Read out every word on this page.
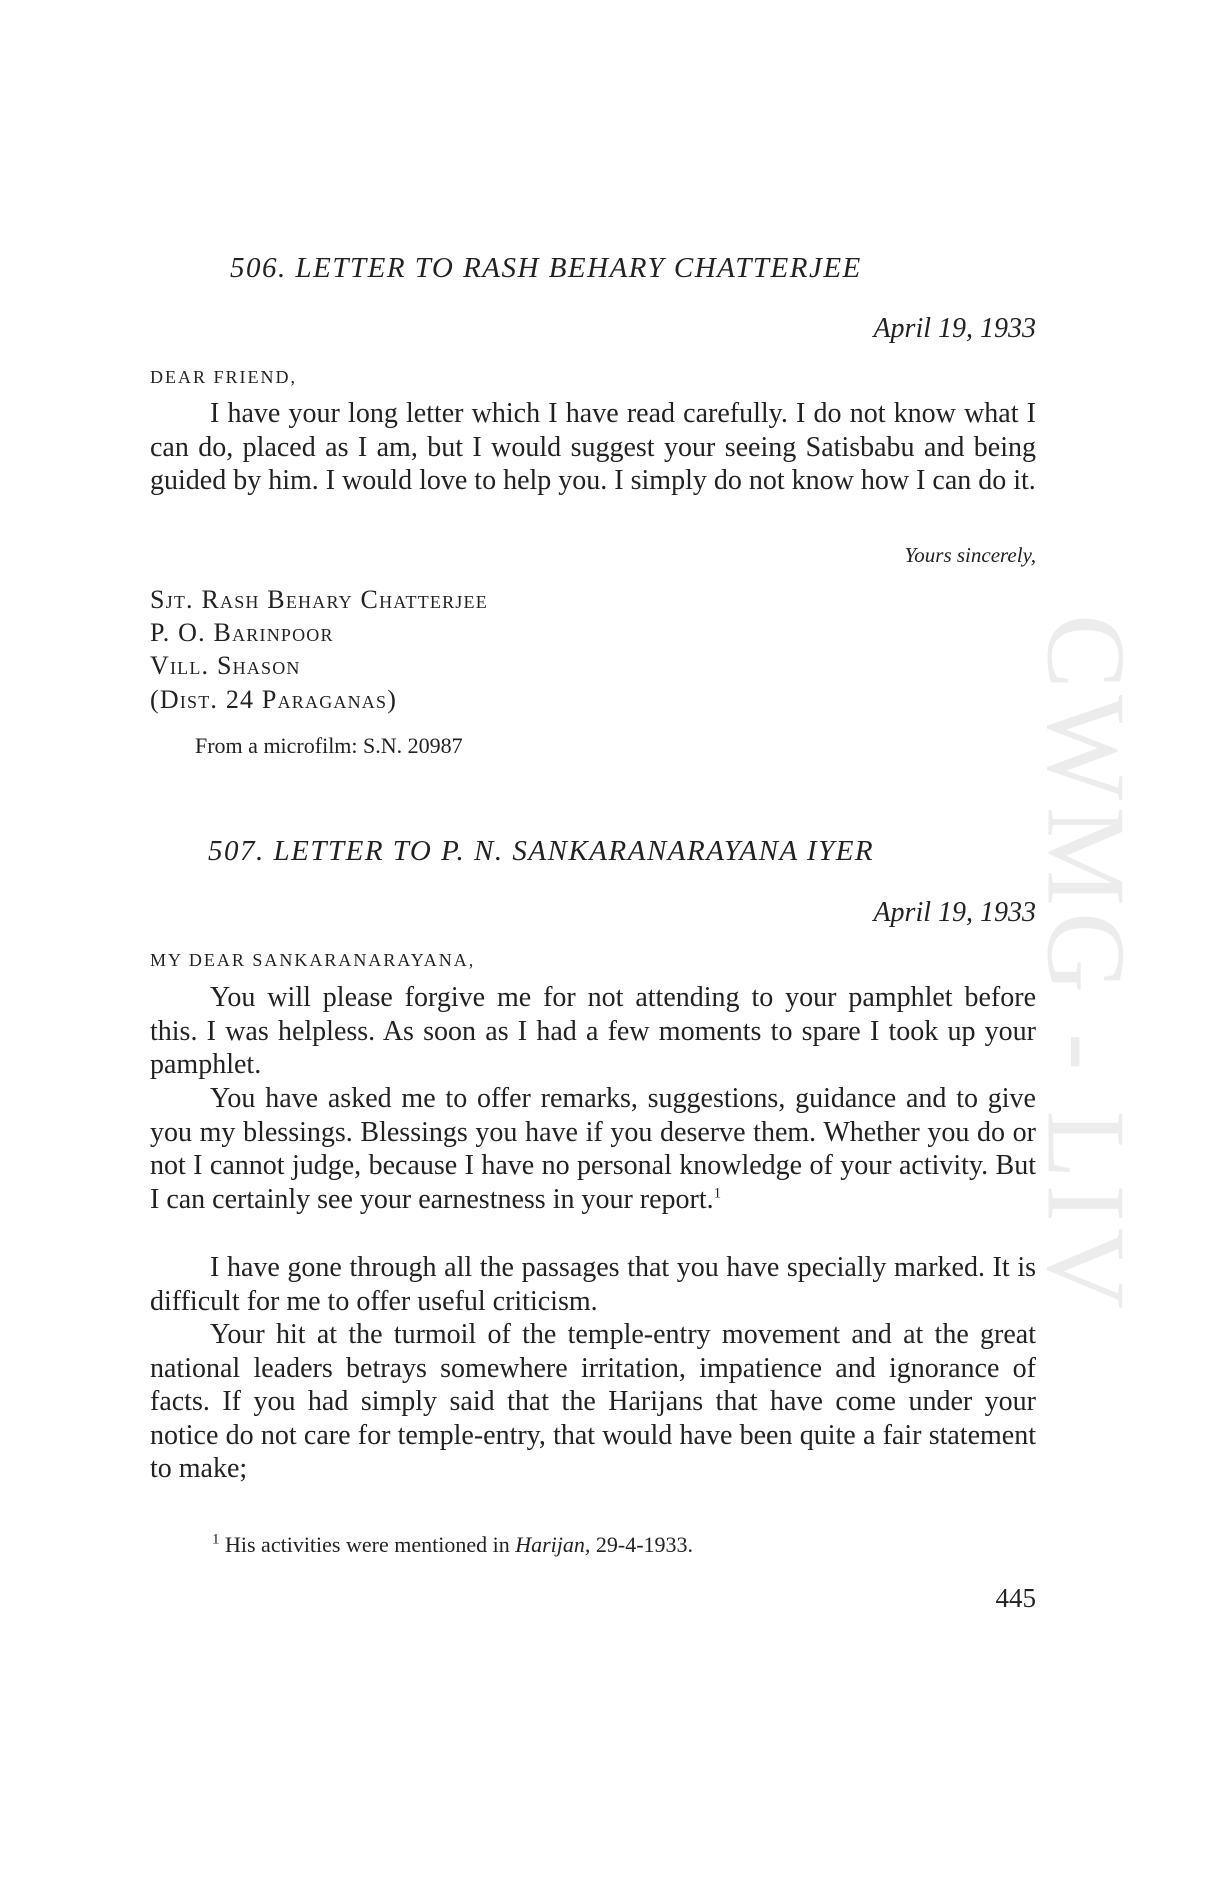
CWMG - LIV
506. LETTER TO RASH BEHARY CHATTERJEE
April 19, 1933
DEAR FRIEND,

I have your long letter which I have read carefully. I do not know what I can do, placed as I am, but I would suggest your seeing Satisbabu and being guided by him. I would love to help you. I simply do not know how I can do it.

Yours sincerely,
Sjt. Rash Behary Chatterjee
P. O. Barinpoor
Vill. Shason
(Dist. 24 Paraganas)
From a microfilm: S.N. 20987
507. LETTER TO P. N. SANKARANARAYANA IYER
April 19, 1933
MY DEAR SANKARANARAYANA,

You will please forgive me for not attending to your pamphlet before this. I was helpless. As soon as I had a few moments to spare I took up your pamphlet.

You have asked me to offer remarks, suggestions, guidance and to give you my blessings. Blessings you have if you deserve them. Whether you do or not I cannot judge, because I have no personal knowledge of your activity. But I can certainly see your earnestness in your report.$^1$

I have gone through all the passages that you have specially marked. It is difficult for me to offer useful criticism.

Your hit at the turmoil of the temple-entry movement and at the great national leaders betrays somewhere irritation, impatience and ignorance of facts. If you had simply said that the Harijans that have come under your notice do not care for temple-entry, that would have been quite a fair statement to make;

$^1$ His activities were mentioned in Harijan, 29-4-1933.
445
